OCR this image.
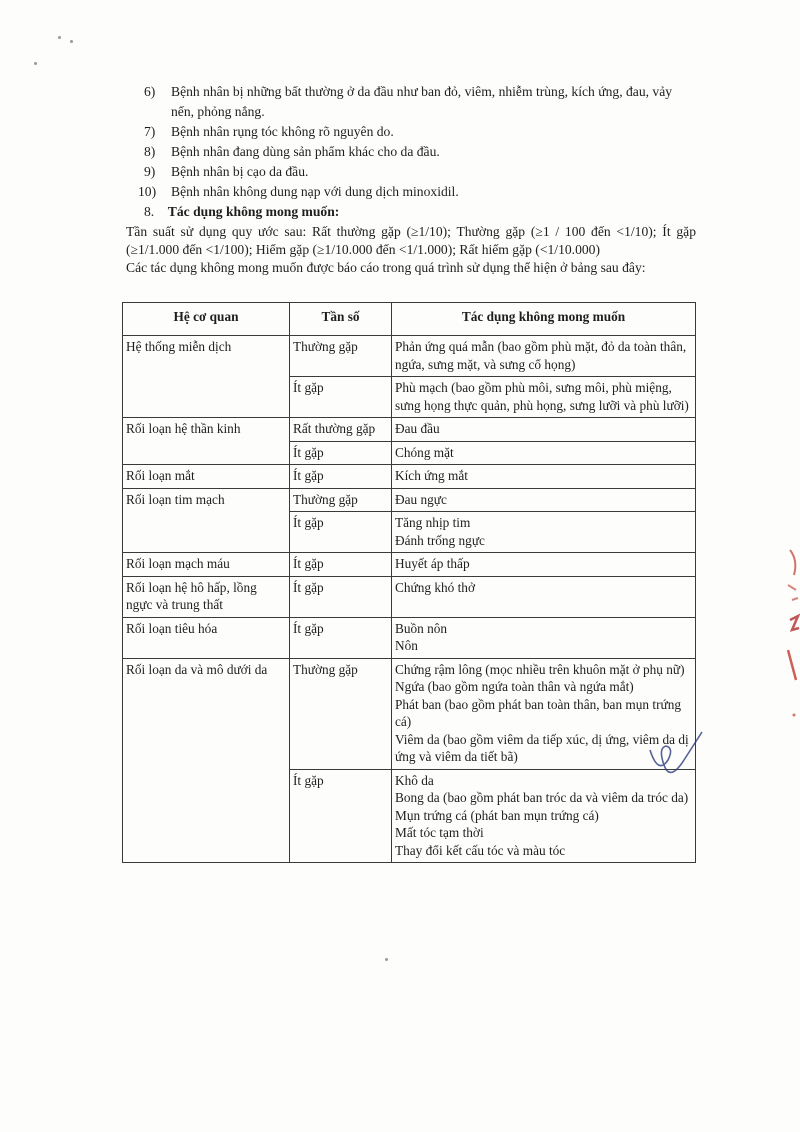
6)	Bệnh nhân bị những bất thường ở da đầu như ban đỏ, viêm, nhiễm trùng, kích ứng, đau, vảy nến, phỏng nắng.
7)	Bệnh nhân rụng tóc không rõ nguyên do.
8)	Bệnh nhân đang dùng sản phẩm khác cho da đầu.
9)	Bệnh nhân bị cạo da đầu.
10)	Bệnh nhân không dung nạp với dung dịch minoxidil.
8. Tác dụng không mong muốn:
Tần suất sử dụng quy ước sau: Rất thường gặp (≥1/10); Thường gặp (≥1 / 100 đến <1/10); Ít gặp (≥1/1.000 đến <1/100); Hiếm gặp (≥1/10.000 đến <1/1.000); Rất hiếm gặp (<1/10.000)
Các tác dụng không mong muốn được báo cáo trong quá trình sử dụng thể hiện ở bảng sau đây:
Hệ cơ quan	Tần số	Tác dụng không mong muốn
Hệ thống miễn dịch	Thường gặp	Phản ứng quá mẫn (bao gồm phù mặt, đỏ da toàn thân, ngứa, sưng mặt, và sưng cổ họng)

	Ít gặp	Phù mạch (bao gồm phù môi, sưng môi, phù miệng, sưng họng thực quản, phù họng, sưng lưỡi và phù lưỡi)

Rối loạn hệ thần kinh	Rất thường gặp	Đau đầu

	Ít gặp	Chóng mặt

Rối loạn mắt	Ít gặp	Kích ứng mắt

Rối loạn tim mạch	Thường gặp	Đau ngực

	Ít gặp	Tăng nhịp tim
Đánh trống ngực

Rối loạn mạch máu	Ít gặp	Huyết áp thấp

Rối loạn hệ hô hấp, lồng ngực và trung thất	Ít gặp	Chứng khó thở

Rối loạn tiêu hóa	Ít gặp	Buồn nôn
Nôn

Rối loạn da và mô dưới da	Thường gặp	Chứng rậm lông (mọc nhiều trên khuôn mặt ở phụ nữ)
Ngứa (bao gồm ngứa toàn thân và ngứa mắt)
Phát ban (bao gồm phát ban toàn thân, ban mụn trứng cá)
Viêm da (bao gồm viêm da tiếp xúc, dị ứng, viêm da dị ứng và viêm da tiết bã)

	Ít gặp	Khô da
Bong da (bao gồm phát ban tróc da và viêm da tróc da)
Mụn trứng cá (phát ban mụn trứng cá)
Mất tóc tạm thời
Thay đổi kết cấu tóc và màu tóc
